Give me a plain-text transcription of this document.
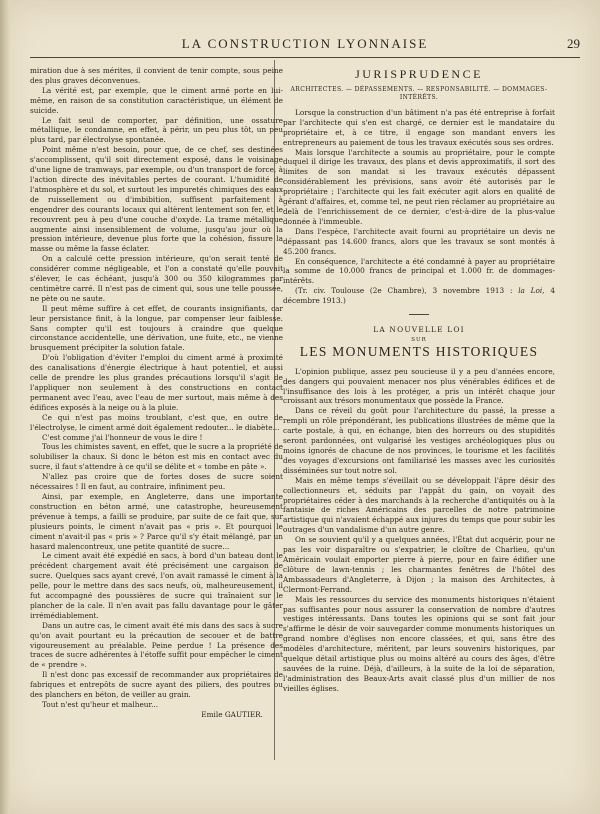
LA CONSTRUCTION LYONNAISE	29

miration due à ses mérites, il convient de tenir compte, sous peine des plus graves déconvenues.

La vérité est, par exemple, que le ciment armé porte en lui-même, en raison de sa constitution caractéristique, un élément de suicide.

Le fait seul de comporter, par définition, une ossature métallique, le condamne, en effet, à périr, un peu plus tôt, un peu plus tard, par électrolyse spontanée.

Point même n'est besoin, pour que, de ce chef, ses destinées s'accomplissent, qu'il soit directement exposé, dans le voisinage d'une ligne de tramways, par exemple, ou d'un transport de force, à l'action directe des inévitables pertes de courant. L'humidité de l'atmosphère et du sol, et surtout les impuretés chimiques des eaux de ruissellement ou d'imbibition, suffisent parfaitement à engendrer des courants locaux qui altèrent lentement son fer, et le recouvrent peu à peu d'une couche d'oxyde. La trame métallique augmente ainsi insensiblement de volume, jusqu'au jour où la pression intérieure, devenue plus forte que la cohésion, fissure la masse ou même la fasse éclater.

On a calculé cette pression intérieure, qu'on serait tenté de considérer comme négligeable, et l'on a constaté qu'elle pouvait s'élever, le cas échéant, jusqu'à 300 ou 350 kilogrammes par centimètre carré. Il n'est pas de ciment qui, sous une telle poussée, ne pète ou ne saute.

Il peut même suffire à cet effet, de courants insignifiants, car leur persistance finit, à la longue, par compenser leur faiblesse. Sans compter qu'il est toujours à craindre que quelque circonstance accidentelle, une dérivation, une fuite, etc., ne vienne brusquement précipiter la solution fatale.

D'où l'obligation d'éviter l'emploi du ciment armé à proximité des canalisations d'énergie électrique à haut potentiel, et aussi celle de prendre les plus grandes précautions lorsqu'il s'agit de l'appliquer non seulement à des constructions en contact permanent avec l'eau, avec l'eau de mer surtout, mais même à des édifices exposés à la neige ou à la pluie.

Ce qui n'est pas moins troublant, c'est que, en outre de l'électrolyse, le ciment armé doit également redouter... le diabète...

C'est comme j'ai l'honneur de vous le dire !

Tous les chimistes savent, en effet, que le sucre a la propriété de solubiliser la chaux. Si donc le béton est mis en contact avec du sucre, il faut s'attendre à ce qu'il se délite et « tombe en pâte ».

N'allez pas croire que de fortes doses de sucre soient nécessaires ! Il en faut, au contraire, infiniment peu.

Ainsi, par exemple, en Angleterre, dans une importante construction en béton armé, une catastrophe, heureusement prévenue à temps, a failli se produire, par suite de ce fait que, sur plusieurs points, le ciment n'avait pas « pris ». Et pourquoi le ciment n'avait-il pas « pris » ? Parce qu'il s'y était mélangé, par un hasard malencontreux, une petite quantité de sucre...

Le ciment avait été expédié en sacs, à bord d'un bateau dont le précédent chargement avait été précisément une cargaison de sucre. Quelques sacs ayant crevé, l'on avait ramassé le ciment à la pelle, pour le mettre dans des sacs neufs, où, malheureusement, il fut accompagné des poussières de sucre qui traînaient sur le plancher de la cale. Il n'en avait pas fallu davantage pour le gâter irrémédiablement.

Dans un autre cas, le ciment avait été mis dans des sacs à sucre qu'on avait pourtant eu la précaution de secouer et de battre vigoureusement au préalable. Peine perdue ! La présence des traces de sucre adhérentes à l'étoffe suffit pour empêcher le ciment de « prendre ».

Il n'est donc pas excessif de recommander aux propriétaires de fabriques et entrepôts de sucre ayant des piliers, des poutres ou des planchers en béton, de veiller au grain.

Tout n'est qu'heur et malheur...

Emile GAUTIER.

JURISPRUDENCE
ARCHITECTES. — DÉPASSEMENTS. — RESPONSABILITÉ. — DOMMAGES-INTÉRÊTS.

Lorsque la construction d'un bâtiment n'a pas été entreprise à forfait par l'architecte qui s'en est chargé, ce dernier est le mandataire du propriétaire et, à ce titre, il engage son mandant envers les entrepreneurs au paiement de tous les travaux exécutés sous ses ordres.

Mais lorsque l'architecte a soumis au propriétaire, pour le compte duquel il dirige les travaux, des plans et devis approximatifs, il sort des limites de son mandat si les travaux exécutés dépassent considérablement les prévisions, sans avoir été autorisés par le propriétaire ; l'architecte qui les fait exécuter agit alors en qualité de gérant d'affaires, et, comme tel, ne peut rien réclamer au propriétaire au delà de l'enrichissement de ce dernier, c'est-à-dire de la plus-value donnée à l'immeuble.

Dans l'espèce, l'architecte avait fourni au propriétaire un devis ne dépassant pas 14.600 francs, alors que les travaux se sont montés à 45.200 francs.

En conséquence, l'architecte a été condamné à payer au propriétaire la somme de 10.000 francs de principal et 1.000 fr. de dommages-intérêts.

(Tr. civ. Toulouse (2e Chambre), 3 novembre 1913 : la Loi, 4 décembre 1913.)

LA NOUVELLE LOI
SUR
LES MONUMENTS HISTORIQUES

L'opinion publique, assez peu soucieuse il y a peu d'années encore, des dangers qui pouvaient menacer nos plus vénérables édifices et de l'insuffisance des lois à les protéger, a pris un intérêt chaque jour croissant aux trésors monumentaux que possède la France.

Dans ce réveil du goût pour l'architecture du passé, la presse a rempli un rôle prépondérant, les publications illustrées de même que la carte postale, à qui, en échange, bien des horreurs ou des stupidités seront pardonnées, ont vulgarisé les vestiges archéologiques plus ou moins ignorés de chacune de nos provinces, le tourisme et les facilités des voyages d'excursions ont familiarisé les masses avec les curiosités disséminées sur tout notre sol.

Mais en même temps s'éveillait ou se développait l'âpre désir des collectionneurs et, séduits par l'appât du gain, on voyait des propriétaires céder à des marchands à la recherche d'antiquités ou à la fantaisie de riches Américains des parcelles de notre patrimoine artistique qui n'avaient échappé aux injures du temps que pour subir les outrages d'un vandalisme d'un autre genre.

On se souvient qu'il y a quelques années, l'État dut acquérir, pour ne pas les voir disparaître ou s'expatrier, le cloître de Charlieu, qu'un Américain voulait emporter pierre à pierre, pour en faire édifier une clôture de lawn-tennis ; les charmantes fenêtres de l'hôtel des Ambassadeurs d'Angleterre, à Dijon ; la maison des Architectes, à Clermont-Ferrand.

Mais les ressources du service des monuments historiques n'étaient pas suffisantes pour nous assurer la conservation de nombre d'autres vestiges intéressants. Dans toutes les opinions qui se sont fait jour s'affirme le désir de voir sauvegarder comme monuments historiques un grand nombre d'églises non encore classées, et qui, sans être des modèles d'architecture, méritent, par leurs souvenirs historiques, par quelque détail artistique plus ou moins altéré au cours des âges, d'être sauvées de la ruine. Déjà, d'ailleurs, à la suite de la loi de séparation, l'administration des Beaux-Arts avait classé plus d'un millier de nos vieilles églises.
